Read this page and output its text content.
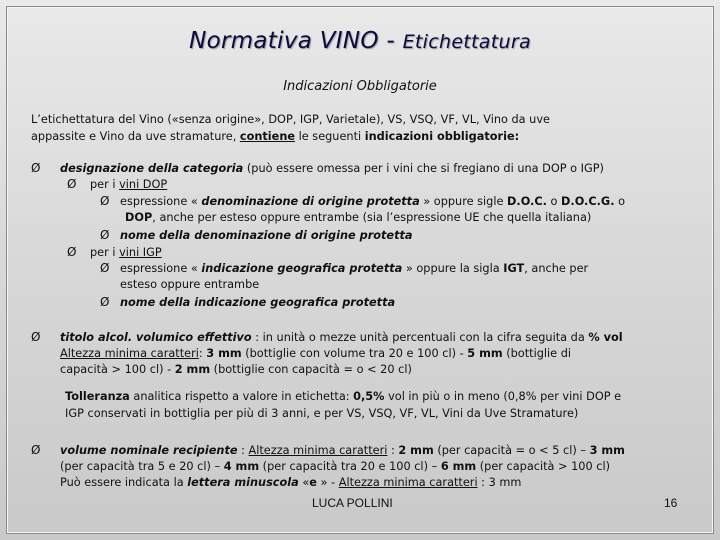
Normativa VINO - Etichettatura
Indicazioni Obbligatorie
L’etichettatura del Vino («senza origine», DOP, IGP, Varietale), VS, VSQ, VF, VL, Vino da uve
appassite e Vino da uve stramature, contiene le seguenti indicazioni obbligatorie:
Ø designazione della categoria (può essere omessa per i vini che si fregiano di una DOP o IGP)
Ø per i vini DOP
Ø espressione « denominazione di origine protetta » oppure sigle D.O.C. o D.O.C.G. o
DOP, anche per esteso oppure entrambe (sia l’espressione UE che quella italiana)
Ø nome della denominazione di origine protetta
Ø per i vini IGP
Ø espressione « indicazione geografica protetta » oppure la sigla IGT, anche per
esteso oppure entrambe
Ø nome della indicazione geografica protetta
Ø titolo alcol. volumico effettivo : in unità o mezze unità percentuali con la cifra seguita da % vol
Altezza minima caratteri: 3 mm (bottiglie con volume tra 20 e 100 cl) - 5 mm (bottiglie di
capacità > 100 cl) - 2 mm (bottiglie con capacità = o < 20 cl)
Tolleranza analitica rispetto a valore in etichetta: 0,5% vol in più o in meno (0,8% per vini DOP e
IGP conservati in bottiglia per più di 3 anni, e per VS, VSQ, VF, VL, Vini da Uve Stramature)
Ø volume nominale recipiente : Altezza minima caratteri : 2 mm (per capacità = o < 5 cl) – 3 mm
(per capacità tra 5 e 20 cl) – 4 mm (per capacità tra 20 e 100 cl) – 6 mm (per capacità > 100 cl)
Può essere indicata la lettera minuscola «e » - Altezza minima caratteri : 3 mm
LUCA POLLINI	16
